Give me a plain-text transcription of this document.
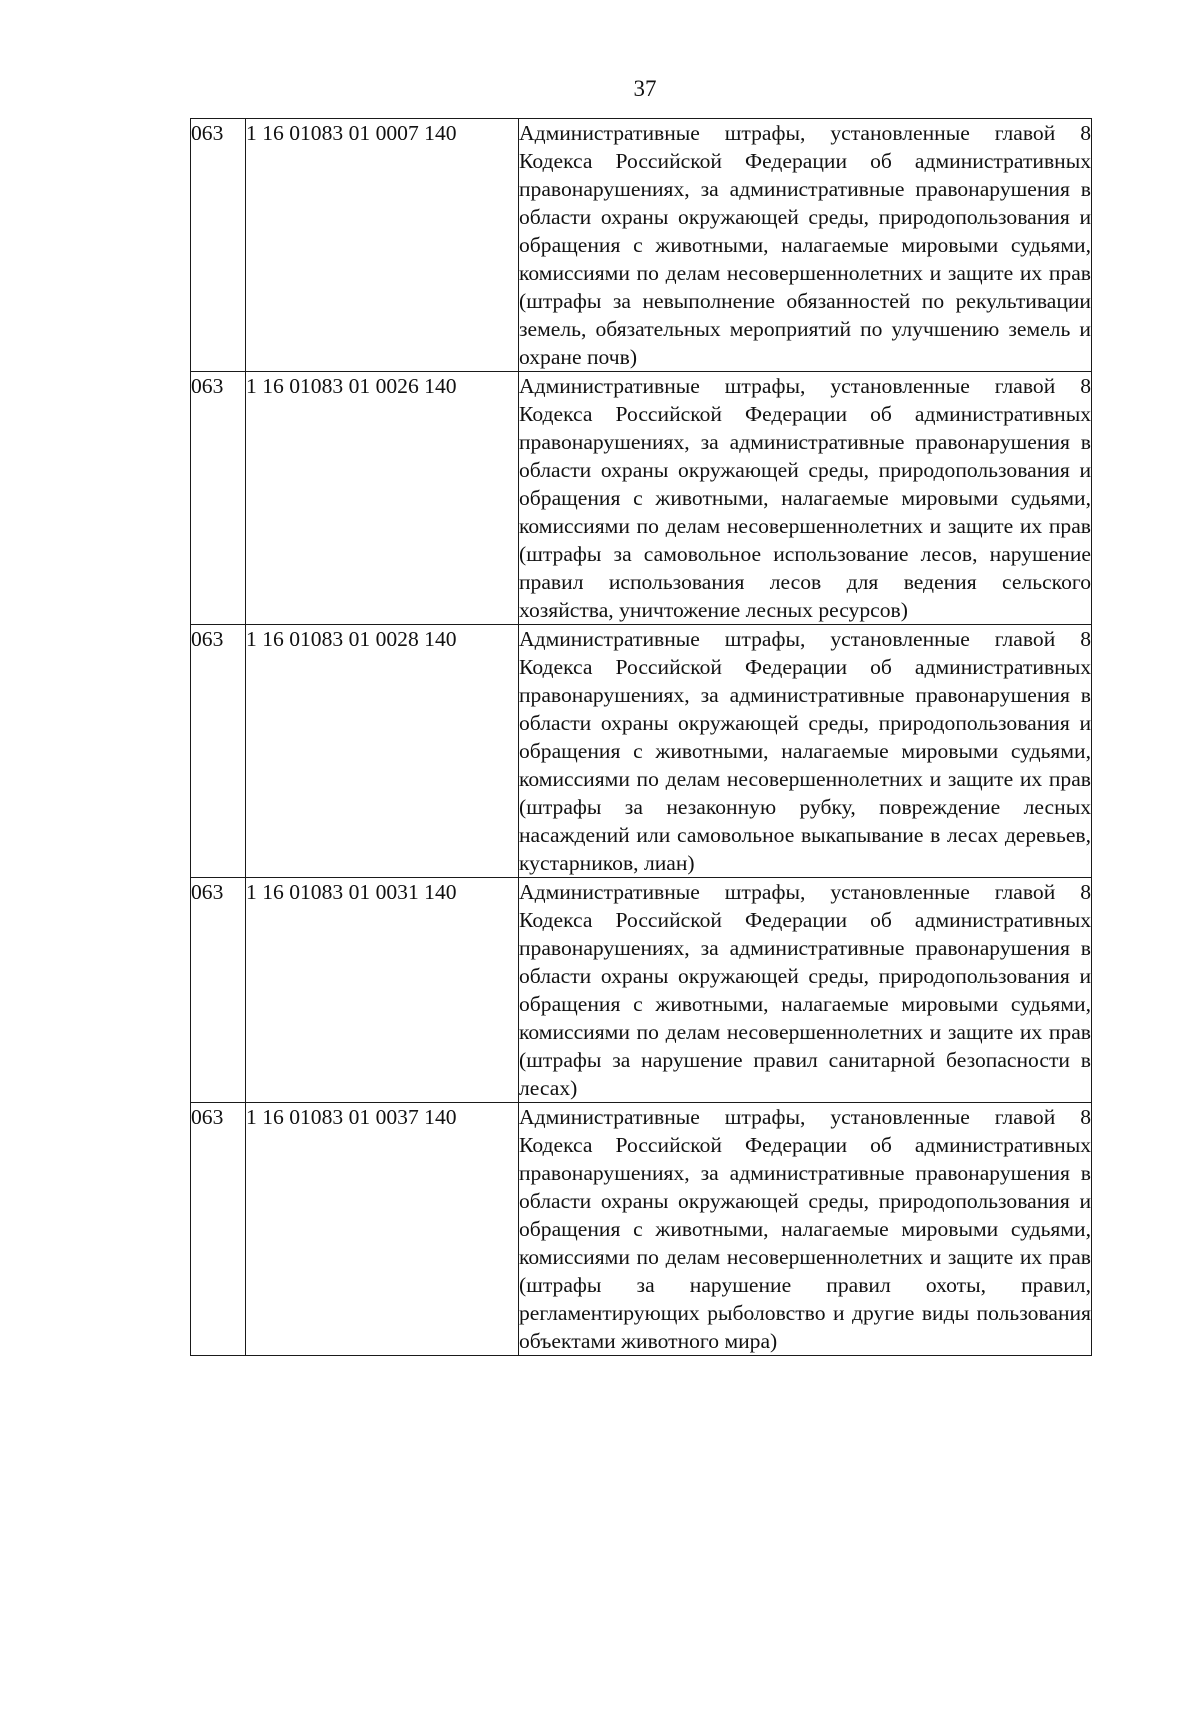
37
063	1 16 01083 01 0007 140	Административные штрафы, установленные главой 8 Кодекса Российской Федерации об административных правонарушениях, за административные правонарушения в области охраны окружающей среды, природопользования и обращения с животными, налагаемые мировыми судьями, комиссиями по делам несовершеннолетних и защите их прав (штрафы за невыполнение обязанностей по рекультивации земель, обязательных мероприятий по улучшению земель и охране почв)
063	1 16 01083 01 0026 140	Административные штрафы, установленные главой 8 Кодекса Российской Федерации об административных правонарушениях, за административные правонарушения в области охраны окружающей среды, природопользования и обращения с животными, налагаемые мировыми судьями, комиссиями по делам несовершеннолетних и защите их прав (штрафы за самовольное использование лесов, нарушение правил использования лесов для ведения сельского хозяйства, уничтожение лесных ресурсов)
063	1 16 01083 01 0028 140	Административные штрафы, установленные главой 8 Кодекса Российской Федерации об административных правонарушениях, за административные правонарушения в области охраны окружающей среды, природопользования и обращения с животными, налагаемые мировыми судьями, комиссиями по делам несовершеннолетних и защите их прав (штрафы за незаконную рубку, повреждение лесных насаждений или самовольное выкапывание в лесах деревьев, кустарников, лиан)
063	1 16 01083 01 0031 140	Административные штрафы, установленные главой 8 Кодекса Российской Федерации об административных правонарушениях, за административные правонарушения в области охраны окружающей среды, природопользования и обращения с животными, налагаемые мировыми судьями, комиссиями по делам несовершеннолетних и защите их прав (штрафы за нарушение правил санитарной безопасности в лесах)
063	1 16 01083 01 0037 140	Административные штрафы, установленные главой 8 Кодекса Российской Федерации об административных правонарушениях, за административные правонарушения в области охраны окружающей среды, природопользования и обращения с животными, налагаемые мировыми судьями, комиссиями по делам несовершеннолетних и защите их прав (штрафы за нарушение правил охоты, правил, регламентирующих рыболовство и другие виды пользования объектами животного мира)
